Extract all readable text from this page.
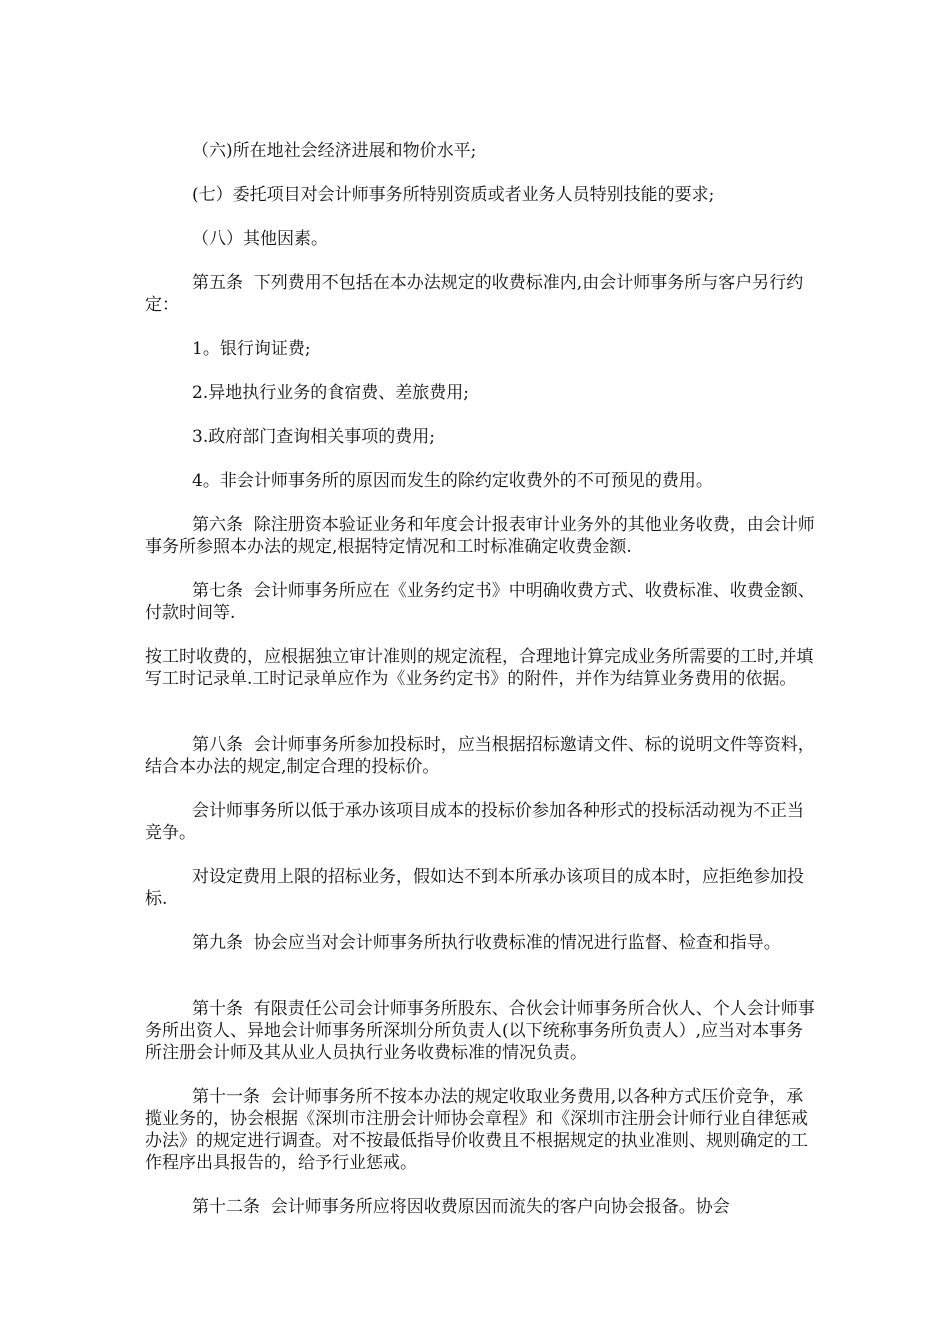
（六)所在地社会经济进展和物价水平;

(七）委托项目对会计师事务所特别资质或者业务人员特别技能的要求;

（八）其他因素。

第五条  下列费用不包括在本办法规定的收费标准内,由会计师事务所与客户另行约定：

1。银行询证费;

2.异地执行业务的食宿费、差旅费用;

3.政府部门查询相关事项的费用;

4。非会计师事务所的原因而发生的除约定收费外的不可预见的费用。

第六条  除注册资本验证业务和年度会计报表审计业务外的其他业务收费，由会计师事务所参照本办法的规定,根据特定情况和工时标准确定收费金额.

第七条  会计师事务所应在《业务约定书》中明确收费方式、收费标准、收费金额、付款时间等.

按工时收费的，应根据独立审计准则的规定流程，合理地计算完成业务所需要的工时,并填写工时记录单.工时记录单应作为《业务约定书》的附件，并作为结算业务费用的依据。

第八条  会计师事务所参加投标时，应当根据招标邀请文件、标的说明文件等资料，结合本办法的规定,制定合理的投标价。

会计师事务所以低于承办该项目成本的投标价参加各种形式的投标活动视为不正当竞争。

对设定费用上限的招标业务，假如达不到本所承办该项目的成本时，应拒绝参加投标.

第九条  协会应当对会计师事务所执行收费标准的情况进行监督、检查和指导。

第十条  有限责任公司会计师事务所股东、合伙会计师事务所合伙人、个人会计师事务所出资人、异地会计师事务所深圳分所负责人(以下统称事务所负责人）,应当对本事务所注册会计师及其从业人员执行业务收费标准的情况负责。

第十一条  会计师事务所不按本办法的规定收取业务费用,以各种方式压价竞争，承揽业务的，协会根据《深圳市注册会计师协会章程》和《深圳市注册会计师行业自律惩戒办法》的规定进行调查。对不按最低指导价收费且不根据规定的执业准则、规则确定的工作程序出具报告的，给予行业惩戒。

第十二条  会计师事务所应将因收费原因而流失的客户向协会报备。协会
